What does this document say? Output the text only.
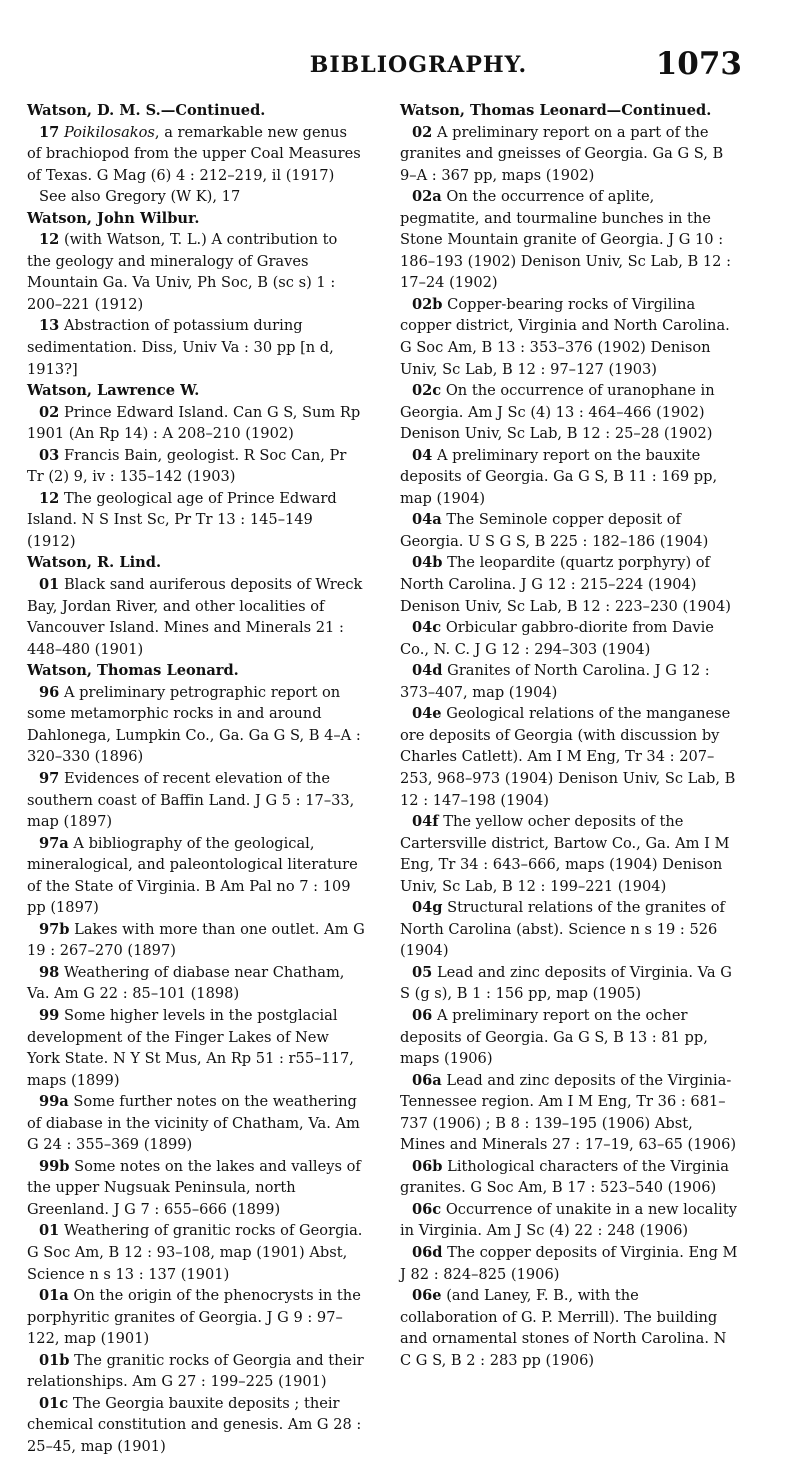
BIBLIOGRAPHY.	1073

Watson, D. M. S.—Continued.

17 Poikilosakos, a remarkable new genus of brachiopod from the upper Coal Measures of Texas. G Mag (6) 4 : 212–219, il (1917)

See also Gregory (W K), 17

Watson, John Wilbur.

12 (with Watson, T. L.) A contribution to the geology and mineralogy of Graves Mountain Ga. Va Univ, Ph Soc, B (sc s) 1 : 200–221 (1912)

13 Abstraction of potassium during sedimentation. Diss, Univ Va : 30 pp [n d, 1913?]

Watson, Lawrence W.

02 Prince Edward Island. Can G S, Sum Rp 1901 (An Rp 14) : A 208–210 (1902)

03 Francis Bain, geologist. R Soc Can, Pr Tr (2) 9, iv : 135–142 (1903)

12 The geological age of Prince Edward Island. N S Inst Sc, Pr Tr 13 : 145–149 (1912)

Watson, R. Lind.

01 Black sand auriferous deposits of Wreck Bay, Jordan River, and other localities of Vancouver Island. Mines and Minerals 21 : 448–480 (1901)

Watson, Thomas Leonard.

96 A preliminary petrographic report on some metamorphic rocks in and around Dahlonega, Lumpkin Co., Ga. Ga G S, B 4–A : 320–330 (1896)

97 Evidences of recent elevation of the southern coast of Baffin Land. J G 5 : 17–33, map (1897)

97a A bibliography of the geological, mineralogical, and paleontological literature of the State of Virginia. B Am Pal no 7 : 109 pp (1897)

97b Lakes with more than one outlet. Am G 19 : 267–270 (1897)

98 Weathering of diabase near Chatham, Va. Am G 22 : 85–101 (1898)

99 Some higher levels in the postglacial development of the Finger Lakes of New York State. N Y St Mus, An Rp 51 : r55–117, maps (1899)

99a Some further notes on the weathering of diabase in the vicinity of Chatham, Va. Am G 24 : 355–369 (1899)

99b Some notes on the lakes and valleys of the upper Nugsuak Peninsula, north Greenland. J G 7 : 655–666 (1899)

01 Weathering of granitic rocks of Georgia. G Soc Am, B 12 : 93–108, map (1901) Abst, Science n s 13 : 137 (1901)

01a On the origin of the phenocrysts in the porphyritic granites of Georgia. J G 9 : 97–122, map (1901)

01b The granitic rocks of Georgia and their relationships. Am G 27 : 199–225 (1901)

01c The Georgia bauxite deposits ; their chemical constitution and genesis. Am G 28 : 25–45, map (1901)

Watson, Thomas Leonard—Continued.

02 A preliminary report on a part of the granites and gneisses of Georgia. Ga G S, B 9–A : 367 pp, maps (1902)

02a On the occurrence of aplite, pegmatite, and tourmaline bunches in the Stone Mountain granite of Georgia. J G 10 : 186–193 (1902) Denison Univ, Sc Lab, B 12 : 17–24 (1902)

02b Copper-bearing rocks of Virgilina copper district, Virginia and North Carolina. G Soc Am, B 13 : 353–376 (1902) Denison Univ, Sc Lab, B 12 : 97–127 (1903)

02c On the occurrence of uranophane in Georgia. Am J Sc (4) 13 : 464–466 (1902) Denison Univ, Sc Lab, B 12 : 25–28 (1902)

04 A preliminary report on the bauxite deposits of Georgia. Ga G S, B 11 : 169 pp, map (1904)

04a The Seminole copper deposit of Georgia. U S G S, B 225 : 182–186 (1904)

04b The leopardite (quartz porphyry) of North Carolina. J G 12 : 215–224 (1904) Denison Univ, Sc Lab, B 12 : 223–230 (1904)

04c Orbicular gabbro-diorite from Davie Co., N. C. J G 12 : 294–303 (1904)

04d Granites of North Carolina. J G 12 : 373–407, map (1904)

04e Geological relations of the manganese ore deposits of Georgia (with discussion by Charles Catlett). Am I M Eng, Tr 34 : 207–253, 968–973 (1904) Denison Univ, Sc Lab, B 12 : 147–198 (1904)

04f The yellow ocher deposits of the Cartersville district, Bartow Co., Ga. Am I M Eng, Tr 34 : 643–666, maps (1904) Denison Univ, Sc Lab, B 12 : 199–221 (1904)

04g Structural relations of the granites of North Carolina (abst). Science n s 19 : 526 (1904)

05 Lead and zinc deposits of Virginia. Va G S (g s), B 1 : 156 pp, map (1905)

06 A preliminary report on the ocher deposits of Georgia. Ga G S, B 13 : 81 pp, maps (1906)

06a Lead and zinc deposits of the Virginia-Tennessee region. Am I M Eng, Tr 36 : 681–737 (1906) ; B 8 : 139–195 (1906) Abst, Mines and Minerals 27 : 17–19, 63–65 (1906)

06b Lithological characters of the Virginia granites. G Soc Am, B 17 : 523–540 (1906)

06c Occurrence of unakite in a new locality in Virginia. Am J Sc (4) 22 : 248 (1906)

06d The copper deposits of Virginia. Eng M J 82 : 824–825 (1906)

06e (and Laney, F. B., with the collaboration of G. P. Merrill). The building and ornamental stones of North Carolina. N C G S, B 2 : 283 pp (1906)
